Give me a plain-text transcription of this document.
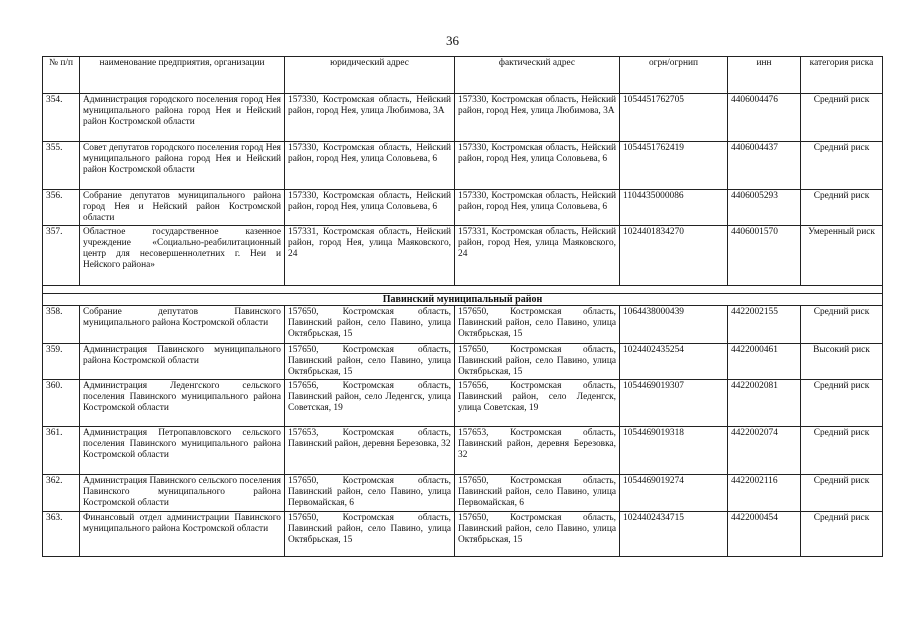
36
№ п/п	наименование предприятия, организации	юридический адрес	фактический адрес	огрн/огрнип	инн	категория риска
354.	Администрация городского поселения город Нея муниципального района город Нея и Нейский район Костромской области	157330, Костромская область, Нейский район, город Нея, улица Любимова, 3А	157330, Костромская область, Нейский район, город Нея, улица Любимова, 3А	1054451762705	4406004476	Средний риск
355.	Совет депутатов городского поселения город Нея муниципального района город Нея и Нейский район Костромской области	157330, Костромская область, Нейский район, город Нея, улица Соловьева, 6	157330, Костромская область, Нейский район, город Нея, улица Соловьева, 6	1054451762419	4406004437	Средний риск
356.	Собрание депутатов муниципального района город Нея и Нейский район Костромской области	157330, Костромская область, Нейский район, город Нея, улица Соловьева, 6	157330, Костромская область, Нейский район, город Нея, улица Соловьева, 6	1104435000086	4406005293	Средний риск
357.	Областное государственное казенное учреждение «Социально-реабилитационный центр для несовершеннолетних г. Неи и Нейского района»	157331, Костромская область, Нейский район, город Нея, улица Маяковского, 24	157331, Костромская область, Нейский район, город Нея, улица Маяковского, 24	1024401834270	4406001570	Умеренный риск

Павинский муниципальный район						
358.	Собрание депутатов Павинского муниципального района Костромской области	157650, Костромская область, Павинский район, село Павино, улица Октябрьская, 15	157650, Костромская область, Павинский район, село Павино, улица Октябрьская, 15	1064438000439	4422002155	Средний риск
359.	Администрация Павинского муниципального района Костромской области	157650, Костромская область, Павинский район, село Павино, улица Октябрьская, 15	157650, Костромская область, Павинский район, село Павино, улица Октябрьская, 15	1024402435254	4422000461	Высокий риск
360.	Администрация Леденгского сельского поселения Павинского муниципального района Костромской области	157656, Костромская область, Павинский район, село Леденгск, улица Советская, 19	157656, Костромская область, Павинский район, село Леденгск, улица Советская, 19	1054469019307	4422002081	Средний риск
361.	Администрация Петропавловского сельского поселения Павинского муниципального района Костромской области	157653, Костромская область, Павинский район, деревня Березовка, 32	157653, Костромская область, Павинский район, деревня Березовка, 32	1054469019318	4422002074	Средний риск
362.	Администрация Павинского сельского поселения Павинского муниципального района Костромской области	157650, Костромская область, Павинский район, село Павино, улица Первомайская, 6	157650, Костромская область, Павинский район, село Павино, улица Первомайская, 6	1054469019274	4422002116	Средний риск
363.	Финансовый отдел администрации Павинского муниципального района Костромской области	157650, Костромская область, Павинский район, село Павино, улица Октябрьская, 15	157650, Костромская область, Павинский район, село Павино, улица Октябрьская, 15	1024402434715	4422000454	Средний риск
